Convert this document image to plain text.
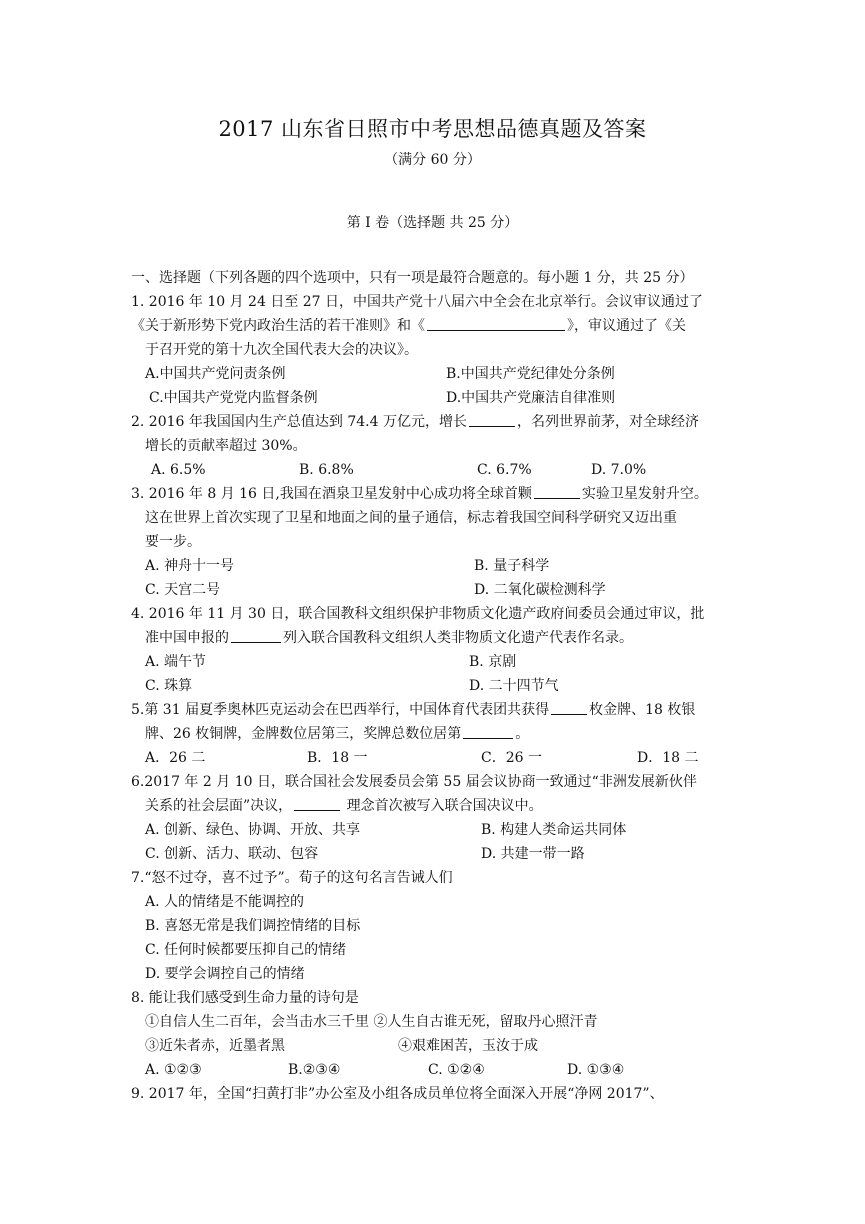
2017 山东省日照市中考思想品德真题及答案
（满分 60 分）
第 I 卷（选择题 共 25 分）
一、选择题（下列各题的四个选项中，只有一项是最符合题意的。每小题 1 分，共 25 分）
1. 2016 年 10 月 24 日至 27 日，中国共产党十八届六中全会在北京举行。会议审议通过了
《关于新形势下党内政治生活的若干准则》和《	》，审议通过了《关
于召开党的第十九次全国代表大会的决议》。
A.中国共产党问责条例	B.中国共产党纪律处分条例
C.中国共产党党内监督条例	D.中国共产党廉洁自律准则
2. 2016 年我国国内生产总值达到 74.4 万亿元，增长	，名列世界前茅，对全球经济
增长的贡献率超过 30%。
A. 6.5%	B. 6.8%	C. 6.7%	D. 7.0%
3. 2016 年 8 月 16 日,我国在酒泉卫星发射中心成功将全球首颗	实验卫星发射升空。
这在世界上首次实现了卫星和地面之间的量子通信，标志着我国空间科学研究又迈出重
要一步。
A. 神舟十一号	B. 量子科学
C. 天宫二号	D. 二氧化碳检测科学
4. 2016 年 11 月 30 日，联合国教科文组织保护非物质文化遗产政府间委员会通过审议，批
准中国申报的	列入联合国教科文组织人类非物质文化遗产代表作名录。
A. 端午节	B. 京剧
C. 珠算	D. 二十四节气
5.第 31 届夏季奥林匹克运动会在巴西举行，中国体育代表团共获得	枚金牌、18 枚银
牌、26 枚铜牌，金牌数位居第三，奖牌总数位居第	。
A．26 二	B．18 一	C．26 一	D．18 二
6.2017 年 2 月 10 日，联合国社会发展委员会第 55 届会议协商一致通过“非洲发展新伙伴
关系的社会层面”决议，	理念首次被写入联合国决议中。
A. 创新、绿色、协调、开放、共享	B. 构建人类命运共同体
C. 创新、活力、联动、包容	D. 共建一带一路
7.“怒不过夺，喜不过予”。荀子的这句名言告诫人们
A. 人的情绪是不能调控的
B. 喜怒无常是我们调控情绪的目标
C. 任何时候都要压抑自己的情绪
D. 要学会调控自己的情绪
8. 能让我们感受到生命力量的诗句是
①自信人生二百年，会当击水三千里 ②人生自古谁无死，留取丹心照汗青
③近朱者赤，近墨者黑	④艰难困苦，玉汝于成
A. ①②③	B.②③④	C. ①②④	D. ①③④
9. 2017 年，全国“扫黄打非”办公室及小组各成员单位将全面深入开展“净网 2017”、
